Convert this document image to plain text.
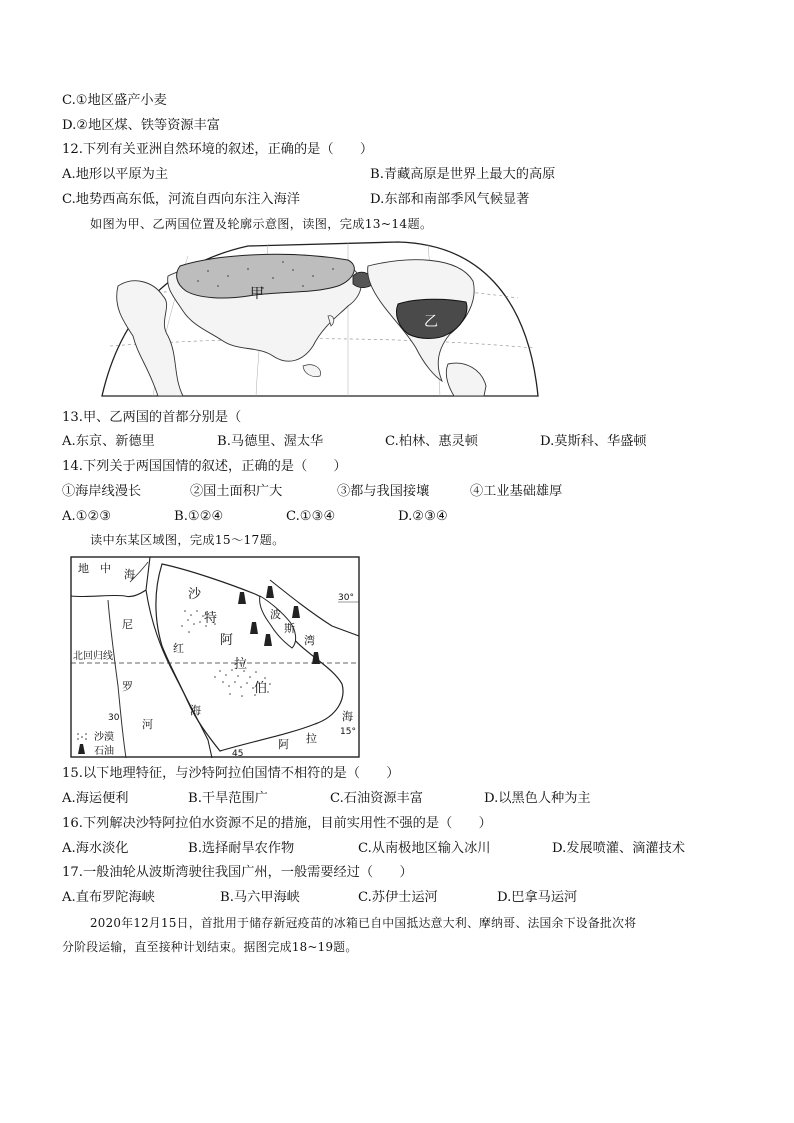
C.①地区盛产小麦
D.②地区煤、铁等资源丰富
12.下列有关亚洲自然环境的叙述，正确的是（　　）
A.地形以平原为主	B.青藏高原是世界上最大的高原
C.地势西高东低，河流自西向东注入海洋	D.东部和南部季风气候显著
如图为甲、乙两国位置及轮廓示意图，读图，完成13~14题。
甲
乙
13.甲、乙两国的首都分别是（
A.东京、新德里	B.马德里、渥太华	C.柏林、惠灵顿	D.莫斯科、华盛顿
14.下列关于两国国情的叙述，正确的是（　　）
①海岸线漫长	②国土面积广大	③都与我国接壤	④工业基础雄厚
A.①②③	B.①②④	C.①③④	D.②③④
读中东某区域图，完成15～17题。
地 中 海
沙
特
阿
拉
伯
波
斯
湾
尼
罗
河
红
海
阿 拉
海
北回归线
30°
15°
30
45
沙漠
石油
15.以下地理特征，与沙特阿拉伯国情不相符的是（　　）
A.海运便利	B.干旱范围广	C.石油资源丰富	D.以黑色人种为主
16.下列解决沙特阿拉伯水资源不足的措施，目前实用性不强的是（　　）
A.海水淡化	B.选择耐旱农作物	C.从南极地区输入冰川	D.发展喷灌、滴灌技术
17.一般油轮从波斯湾驶往我国广州，一般需要经过（　　）
A.直布罗陀海峡	B.马六甲海峡	C.苏伊士运河	D.巴拿马运河
2020年12月15日，首批用于储存新冠疫苗的冰箱已自中国抵达意大利、摩纳哥、法国余下设备批次将
分阶段运输，直至接种计划结束。据图完成18~19题。
